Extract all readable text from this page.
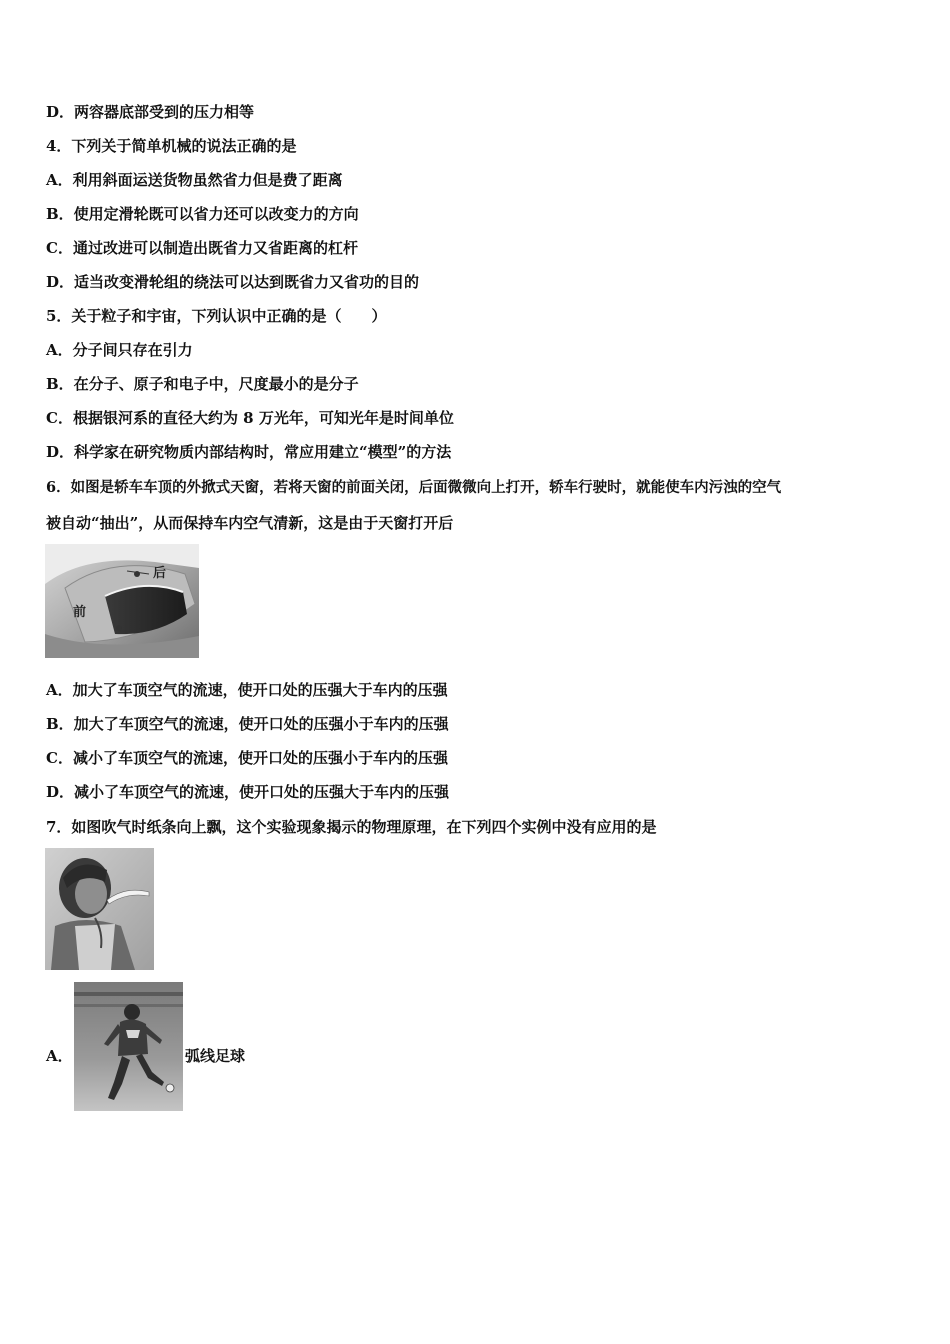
D．两容器底部受到的压力相等
4．下列关于简单机械的说法正确的是
A．利用斜面运送货物虽然省力但是费了距离
B．使用定滑轮既可以省力还可以改变力的方向
C．通过改进可以制造出既省力又省距离的杠杆
D．适当改变滑轮组的绕法可以达到既省力又省功的目的
5．关于粒子和宇宙，下列认识中正确的是（　　）
A．分子间只存在引力
B．在分子、原子和电子中，尺度最小的是分子
C．根据银河系的直径大约为 8 万光年，可知光年是时间单位
D．科学家在研究物质内部结构时，常应用建立“模型”的方法
6．如图是轿车车顶的外掀式天窗，若将天窗的前面关闭，后面微微向上打开，轿车行驶时，就能使车内污浊的空气
被自动“抽出”，从而保持车内空气清新，这是由于天窗打开后
后
前
A．加大了车顶空气的流速，使开口处的压强大于车内的压强
B．加大了车顶空气的流速，使开口处的压强小于车内的压强
C．减小了车顶空气的流速，使开口处的压强小于车内的压强
D．减小了车顶空气的流速，使开口处的压强大于车内的压强
7．如图吹气时纸条向上飘，这个实验现象揭示的物理原理，在下列四个实例中没有应用的是
A．	弧线足球
